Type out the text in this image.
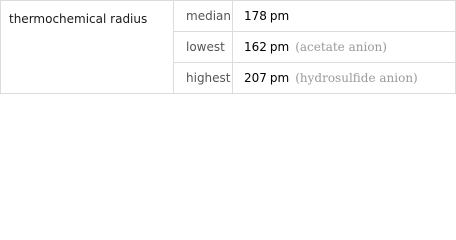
thermochemical radius	median	178 pm
	lowest	162 pm (acetate anion)
	highest	207 pm (hydrosulfide anion)
